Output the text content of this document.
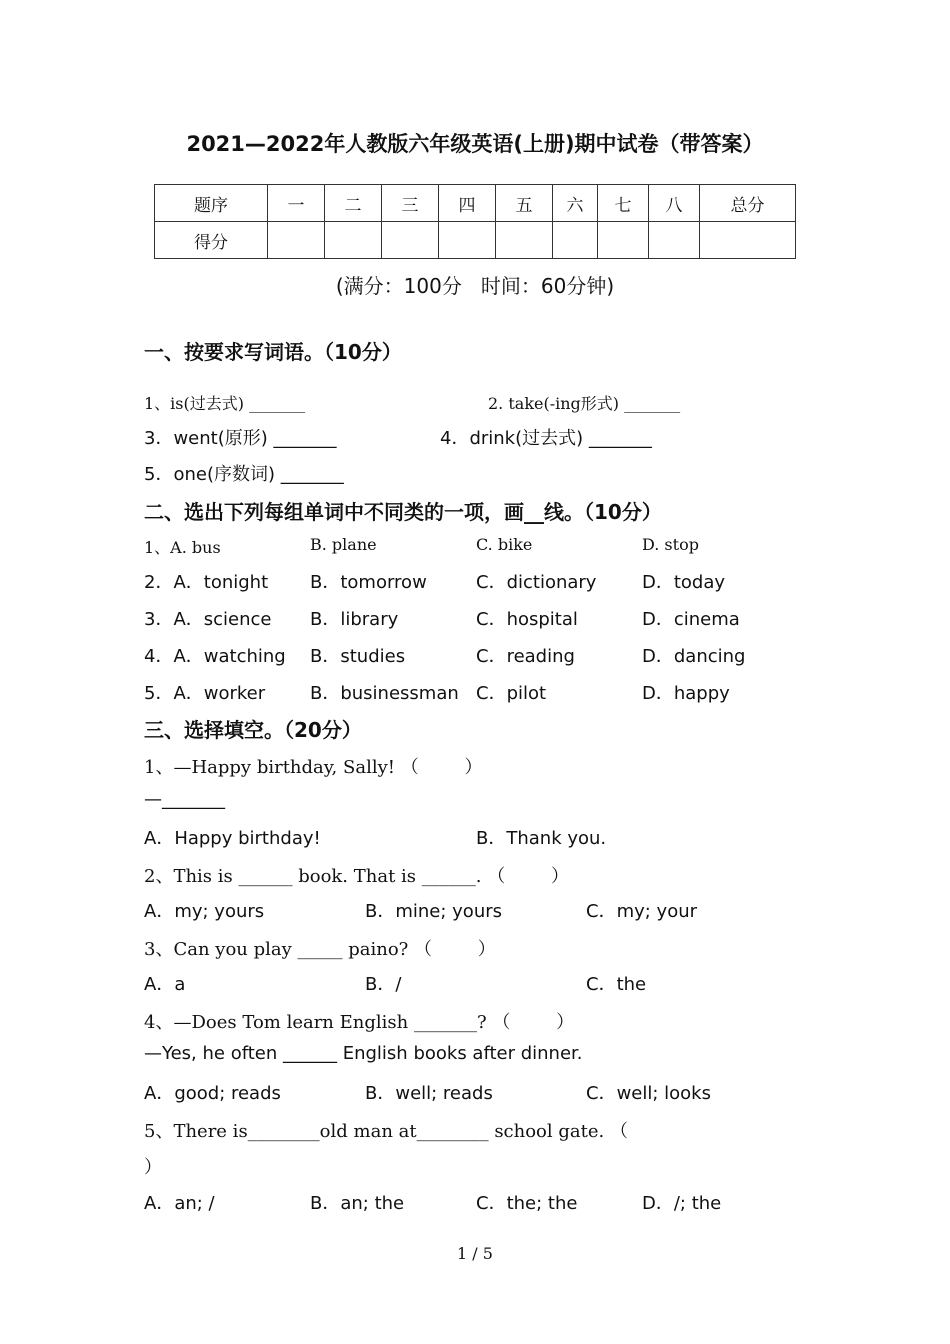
2021—2022年人教版六年级英语(上册)期中试卷（带答案）
题序	一	二	三	四	五	六	七	八	总分
得分									
(满分：100分   时间：60分钟)
一、按要求写词语。（10分）
1、is(过去式) _______	2. take(-ing形式) _______
3．went(原形) _______	4．drink(过去式) _______
5．one(序数词) _______
二、选出下列每组单词中不同类的一项，画__线。（10分）
1、A. bus	B. plane	C. bike	D. stop
2．A．tonight B．tomorrow	C．dictionary	D．today
3．A．science B．library	C．hospital	D．cinema
4．A．watching B．studies	C．reading	D．dancing
5．A．worker B．businessman C．pilot	D．happy
三、选择填空。（20分）
1、—Happy birthday, Sally! （        ）
—_______
A．Happy birthday!	B．Thank you.
2、This is ______ book. That is ______. （        ）
A．my; yours	B．mine; yours	C．my; your
3、Can you play _____ paino? （        ）
A．a	B．/	C．the
4、—Does Tom learn English _______? （        ）
—Yes, he often ______ English books after dinner.
A．good; reads	B．well; reads	C．well; looks
5、There is________old man at________ school gate. （
）
A．an; /	B．an; the	C．the; the	D．/; the
1 / 5
